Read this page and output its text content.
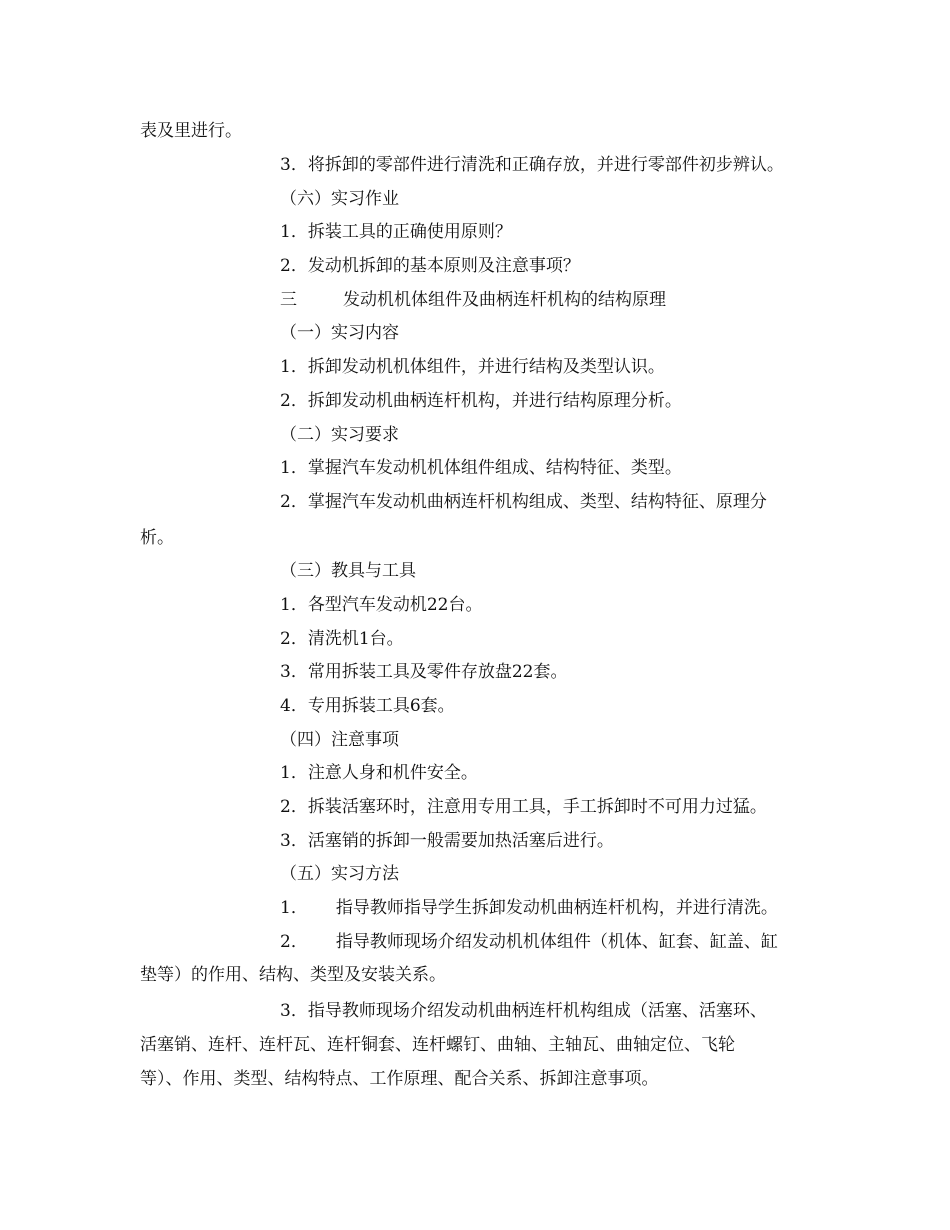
表及里进行。
3．将拆卸的零部件进行清洗和正确存放，并进行零部件初步辨认。
（六）实习作业
1．拆装工具的正确使用原则？
2．发动机拆卸的基本原则及注意事项？
三	发动机机体组件及曲柄连杆机构的结构原理
（一）实习内容
1．拆卸发动机机体组件，并进行结构及类型认识。
2．拆卸发动机曲柄连杆机构，并进行结构原理分析。
（二）实习要求
1．掌握汽车发动机机体组件组成、结构特征、类型。
2．掌握汽车发动机曲柄连杆机构组成、类型、结构特征、原理分
析。
（三）教具与工具
1．各型汽车发动机22台。
2．清洗机1台。
3．常用拆装工具及零件存放盘22套。
4．专用拆装工具6套。
（四）注意事项
1．注意人身和机件安全。
2．拆装活塞环时，注意用专用工具，手工拆卸时不可用力过猛。
3．活塞销的拆卸一般需要加热活塞后进行。
（五）实习方法
1． 指导教师指导学生拆卸发动机曲柄连杆机构，并进行清洗。
2． 指导教师现场介绍发动机机体组件（机体、缸套、缸盖、缸
垫等）的作用、结构、类型及安装关系。
3．指导教师现场介绍发动机曲柄连杆机构组成（活塞、活塞环、
活塞销、连杆、连杆瓦、连杆铜套、连杆螺钉、曲轴、主轴瓦、曲轴定位、飞轮
等）、作用、类型、结构特点、工作原理、配合关系、拆卸注意事项。
